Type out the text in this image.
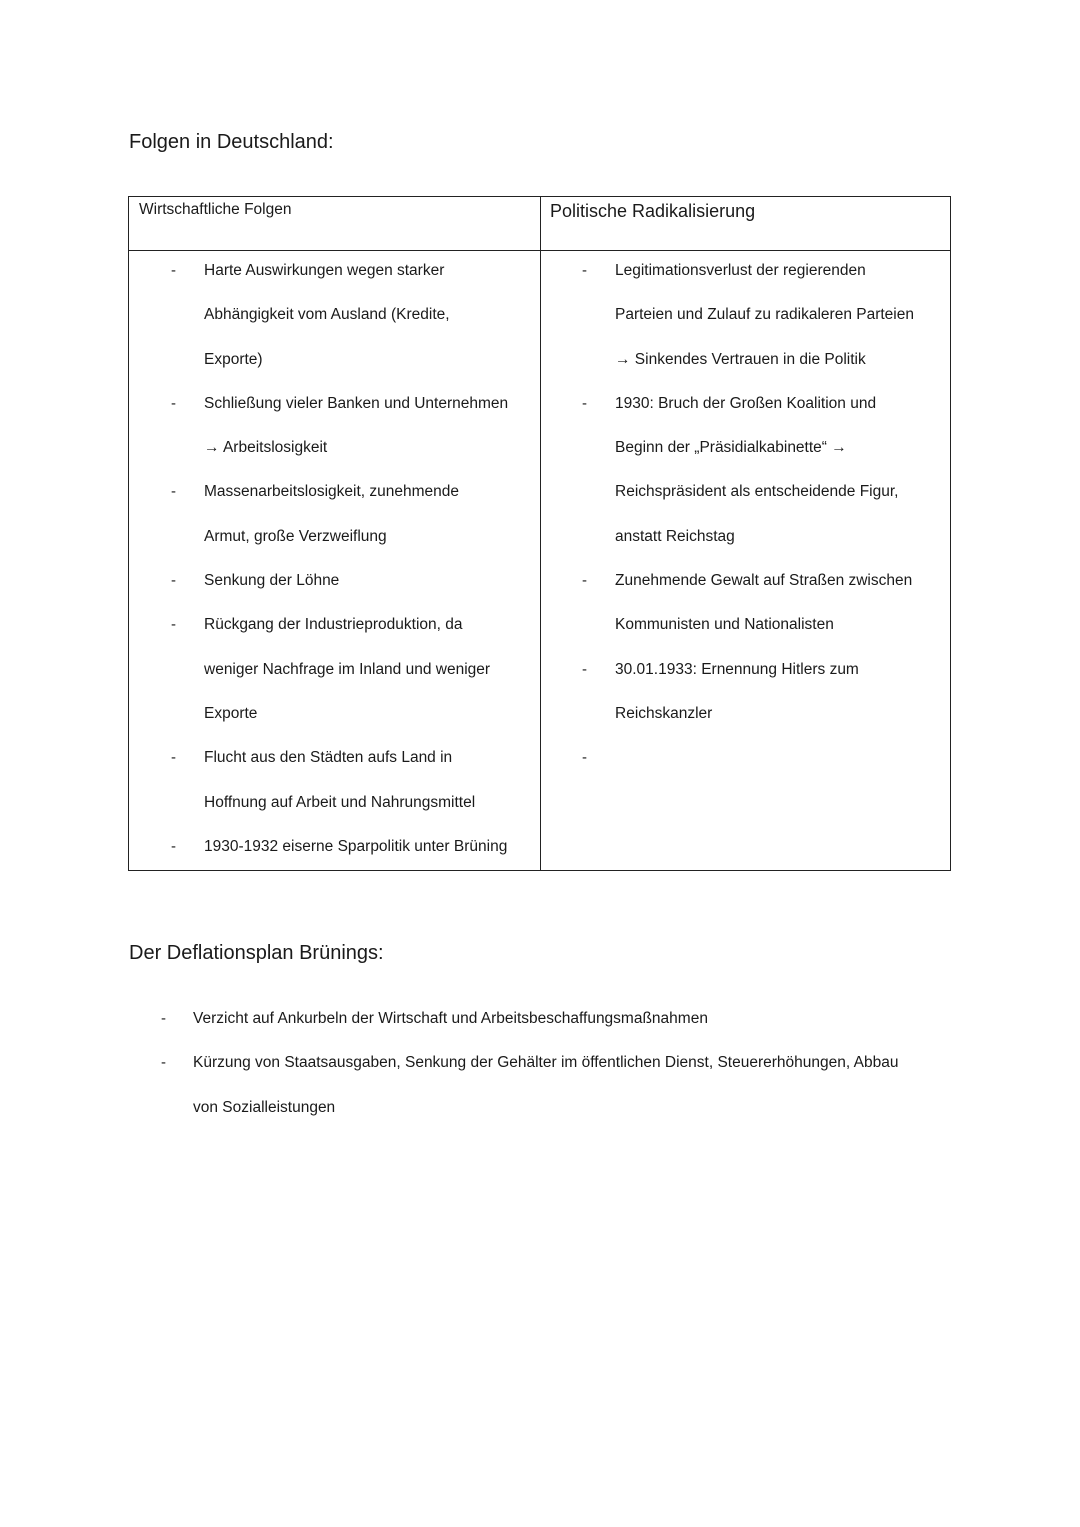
Folgen in Deutschland:
Wirtschaftliche Folgen	Politische Radikalisierung
- Harte Auswirkungen wegen starker
Abhängigkeit vom Ausland (Kredite,
Exporte)
- Schließung vieler Banken und Unternehmen
→ Arbeitslosigkeit
- Massenarbeitslosigkeit, zunehmende
Armut, große Verzweiflung
- Senkung der Löhne
- Rückgang der Industrieproduktion, da
weniger Nachfrage im Inland und weniger
Exporte
- Flucht aus den Städten aufs Land in
Hoffnung auf Arbeit und Nahrungsmittel
- 1930-1932 eiserne Sparpolitik unter Brüning
- Legitimationsverlust der regierenden
Parteien und Zulauf zu radikaleren Parteien
→ Sinkendes Vertrauen in die Politik
- 1930: Bruch der Großen Koalition und
Beginn der „Präsidialkabinette“ →
Reichspräsident als entscheidende Figur,
anstatt Reichstag
- Zunehmende Gewalt auf Straßen zwischen
Kommunisten und Nationalisten
- 30.01.1933: Ernennung Hitlers zum
Reichskanzler
-
Der Deflationsplan Brünings:
- Verzicht auf Ankurbeln der Wirtschaft und Arbeitsbeschaffungsmaßnahmen
- Kürzung von Staatsausgaben, Senkung der Gehälter im öffentlichen Dienst, Steuererhöhungen, Abbau
von Sozialleistungen
